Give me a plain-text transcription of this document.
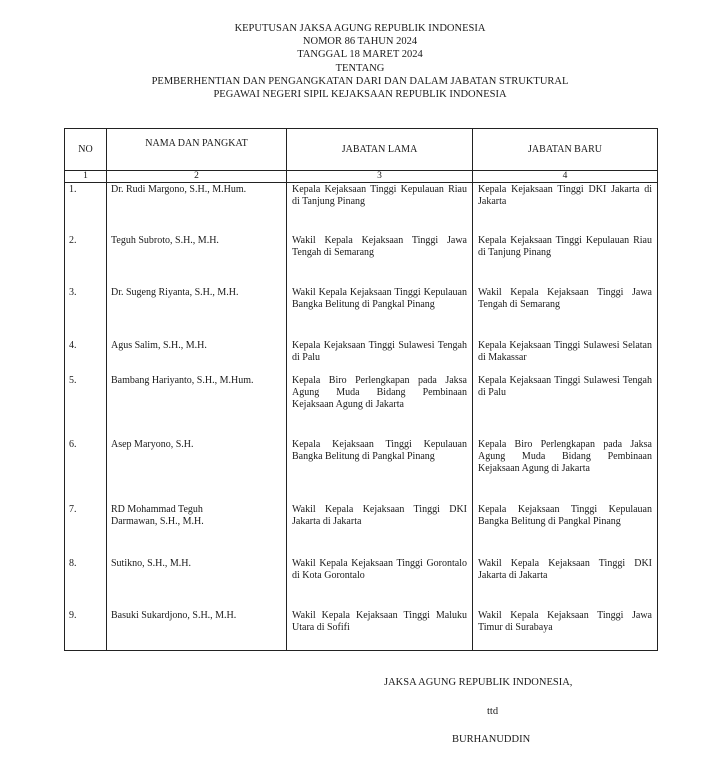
KEPUTUSAN JAKSA AGUNG REPUBLIK INDONESIA
NOMOR 86 TAHUN 2024
TANGGAL 18 MARET 2024
TENTANG
PEMBERHENTIAN DAN PENGANGKATAN DARI DAN DALAM JABATAN STRUKTURAL
PEGAWAI NEGERI SIPIL KEJAKSAAN REPUBLIK INDONESIA
NO	NAMA DAN PANGKAT	JABATAN LAMA	JABATAN BARU
1	2	3	4
1.	Dr. Rudi Margono, S.H., M.Hum.	Kepala Kejaksaan Tinggi Kepulauan Riau di Tanjung Pinang	Kepala Kejaksaan Tinggi DKI Jakarta di Jakarta
2.	Teguh Subroto, S.H., M.H.	Wakil Kepala Kejaksaan Tinggi Jawa Tengah di Semarang	Kepala Kejaksaan Tinggi Kepulauan Riau di Tanjung Pinang
3.	Dr. Sugeng Riyanta, S.H., M.H.	Wakil Kepala Kejaksaan Tinggi Kepulauan Bangka Belitung di Pangkal Pinang	Wakil Kepala Kejaksaan Tinggi Jawa Tengah di Semarang
4.	Agus Salim, S.H., M.H.	Kepala Kejaksaan Tinggi Sulawesi Tengah di Palu	Kepala Kejaksaan Tinggi Sulawesi Selatan di Makassar
5.	Bambang Hariyanto, S.H., M.Hum.	Kepala Biro Perlengkapan pada Jaksa Agung Muda Bidang Pembinaan Kejaksaan Agung di Jakarta	Kepala Kejaksaan Tinggi Sulawesi Tengah di Palu
6.	Asep Maryono, S.H.	Kepala Kejaksaan Tinggi Kepulauan Bangka Belitung di Pangkal Pinang	Kepala Biro Perlengkapan pada Jaksa Agung Muda Bidang Pembinaan Kejaksaan Agung di Jakarta
7.	RD Mohammad Teguh Darmawan, S.H., M.H.	Wakil Kepala Kejaksaan Tinggi DKI Jakarta di Jakarta	Kepala Kejaksaan Tinggi Kepulauan Bangka Belitung di Pangkal Pinang
8.	Sutikno, S.H., M.H.	Wakil Kepala Kejaksaan Tinggi Gorontalo di Kota Gorontalo	Wakil Kepala Kejaksaan Tinggi DKI Jakarta di Jakarta
9.	Basuki Sukardjono, S.H., M.H.	Wakil Kepala Kejaksaan Tinggi Maluku Utara di Sofifi	Wakil Kepala Kejaksaan Tinggi Jawa Timur di Surabaya
JAKSA AGUNG REPUBLIK INDONESIA,
ttd
BURHANUDDIN
